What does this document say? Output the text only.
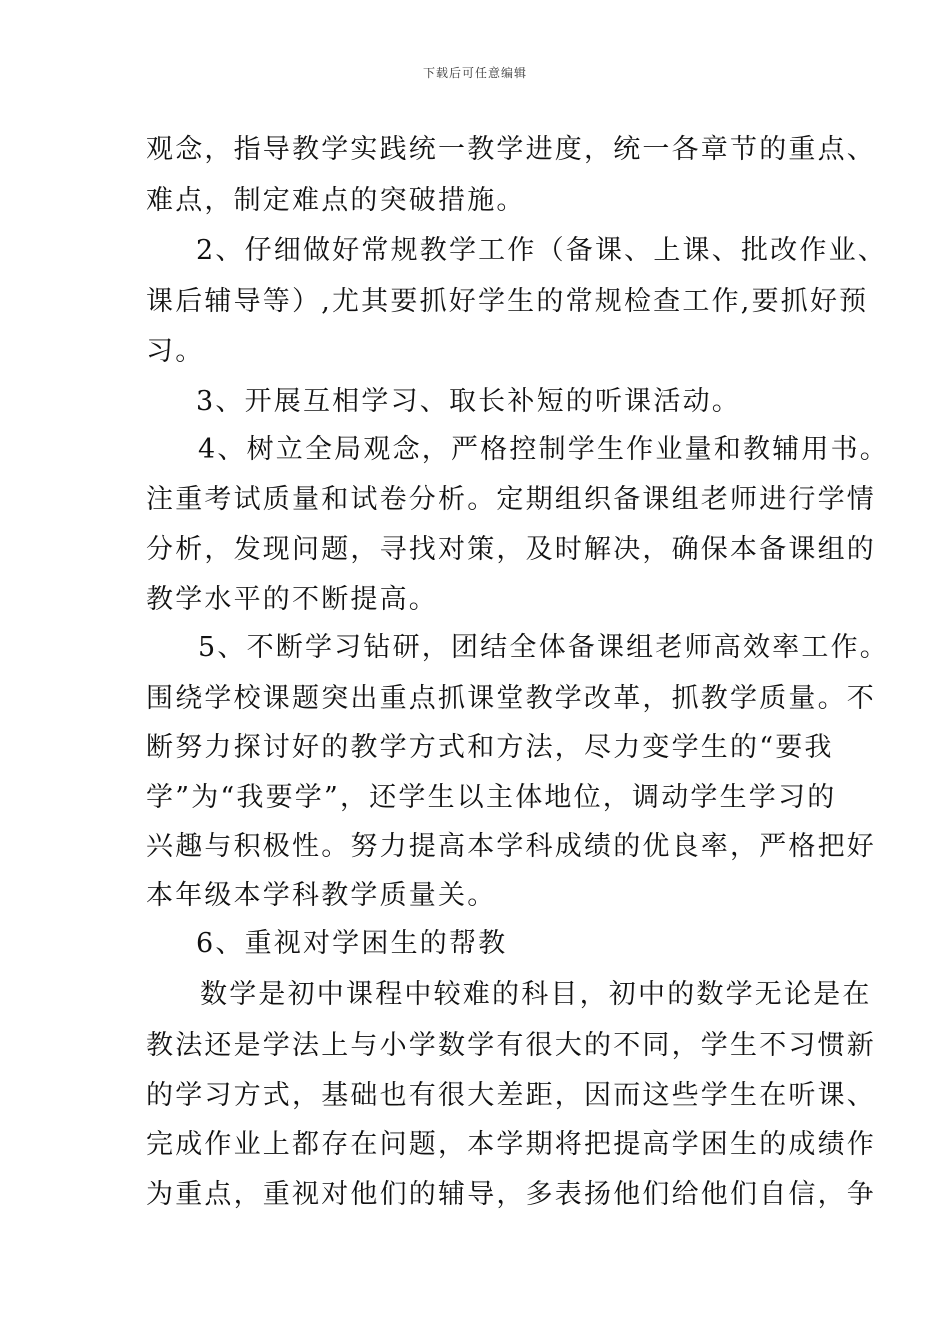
下载后可任意编辑
观念，指导教学实践统一教学进度，统一各章节的重点、
难点，制定难点的突破措施。
2、仔细做好常规教学工作（备课、上课、批改作业、
课后辅导等）,尤其要抓好学生的常规检查工作,要抓好预
习。
3、开展互相学习、取长补短的听课活动。
4、树立全局观念，严格控制学生作业量和教辅用书。
注重考试质量和试卷分析。定期组织备课组老师进行学情
分析，发现问题，寻找对策，及时解决，确保本备课组的
教学水平的不断提高。
5、不断学习钻研，团结全体备课组老师高效率工作。
围绕学校课题突出重点抓课堂教学改革，抓教学质量。不
断努力探讨好的教学方式和方法，尽力变学生的“要我
学”为“我要学”，还学生以主体地位，调动学生学习的
兴趣与积极性。努力提高本学科成绩的优良率，严格把好
本年级本学科教学质量关。
6、重视对学困生的帮教
数学是初中课程中较难的科目，初中的数学无论是在
教法还是学法上与小学数学有很大的不同，学生不习惯新
的学习方式，基础也有很大差距，因而这些学生在听课、
完成作业上都存在问题，本学期将把提高学困生的成绩作
为重点，重视对他们的辅导，多表扬他们给他们自信，争
